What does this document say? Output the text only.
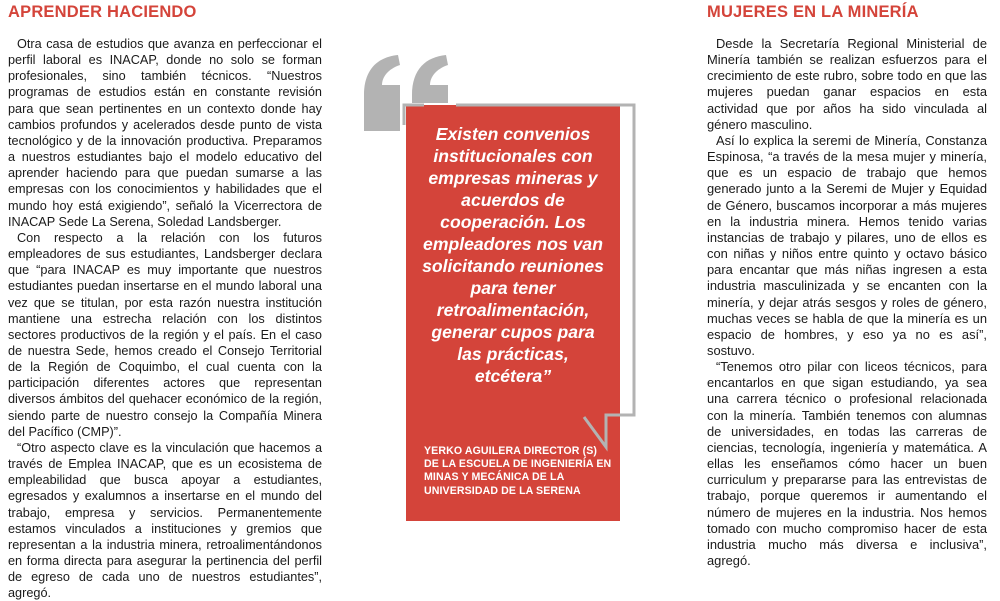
APRENDER HACIENDO

Otra casa de estudios que avanza en perfeccionar el perfil laboral es INACAP, donde no solo se forman profesionales, sino también técnicos. “Nuestros programas de estudios están en constante revisión para que sean pertinentes en un contexto donde hay cambios profundos y acelerados desde punto de vista tecnológico y de la innovación productiva. Preparamos a nuestros estudiantes bajo el modelo educativo del aprender haciendo para que puedan sumarse a las empresas con los conocimientos y habilidades que el mundo hoy está exigiendo”, señaló la Vicerrectora de INACAP Sede La Serena, Soledad Landsberger.

Con respecto a la relación con los futuros empleadores de sus estudiantes, Landsberger declara que “para INACAP es muy importante que nuestros estudiantes puedan insertarse en el mundo laboral una vez que se titulan, por esta razón nuestra institución mantiene una estrecha relación con los distintos sectores productivos de la región y el país. En el caso de nuestra Sede, hemos creado el Consejo Territorial de la Región de Coquimbo, el cual cuenta con la participación diferentes actores que representan diversos ámbitos del quehacer económico de la región, siendo parte de nuestro consejo la Compañía Minera del Pacífico (CMP)”.

“Otro aspecto clave es la vinculación que hacemos a través de Emplea INACAP, que es un ecosistema de empleabilidad que busca apoyar a estudiantes, egresados y exalumnos a insertarse en el mundo del trabajo, empresa y servicios. Permanentemente estamos vinculados a instituciones y gremios que representan a la industria minera, retroalimentándonos en forma directa para asegurar la pertinencia del perfil de egreso de cada uno de nuestros estudiantes”, agregó.

Existen convenios institucionales con empresas mineras y acuerdos de cooperación. Los empleadores nos van solicitando reuniones para tener retroalimentación, generar cupos para las prácticas, etcétera”

YERKO AGUILERA DIRECTOR (S) DE LA ESCUELA DE INGENIERÍA EN MINAS Y MECÁNICA DE LA UNIVERSIDAD DE LA SERENA

MUJERES EN LA MINERÍA

Desde la Secretaría Regional Ministerial de Minería también se realizan esfuerzos para el crecimiento de este rubro, sobre todo en que las mujeres puedan ganar espacios en esta actividad que por años ha sido vinculada al género masculino.

Así lo explica la seremi de Minería, Constanza Espinosa, “a través de la mesa mujer y minería, que es un espacio de trabajo que hemos generado junto a la Seremi de Mujer y Equidad de Género, buscamos incorporar a más mujeres en la industria minera. Hemos tenido varias instancias de trabajo y pilares, uno de ellos es con niñas y niños entre quinto y octavo básico para encantar que más niñas ingresen a esta industria masculinizada y se encanten con la minería, y dejar atrás sesgos y roles de género, muchas veces se habla de que la minería es un espacio de hombres, y eso ya no es así”, sostuvo.

“Tenemos otro pilar con liceos técnicos, para encantarlos en que sigan estudiando, ya sea una carrera técnico o profesional relacionada con la minería. También tenemos con alumnas de universidades, en todas las carreras de ciencias, tecnología, ingeniería y matemática. A ellas les enseñamos cómo hacer un buen curriculum y prepararse para las entrevistas de trabajo, porque queremos ir aumentando el número de mujeres en la industria. Nos hemos tomado con mucho compromiso hacer de esta industria mucho más diversa e inclusiva”, agregó.
